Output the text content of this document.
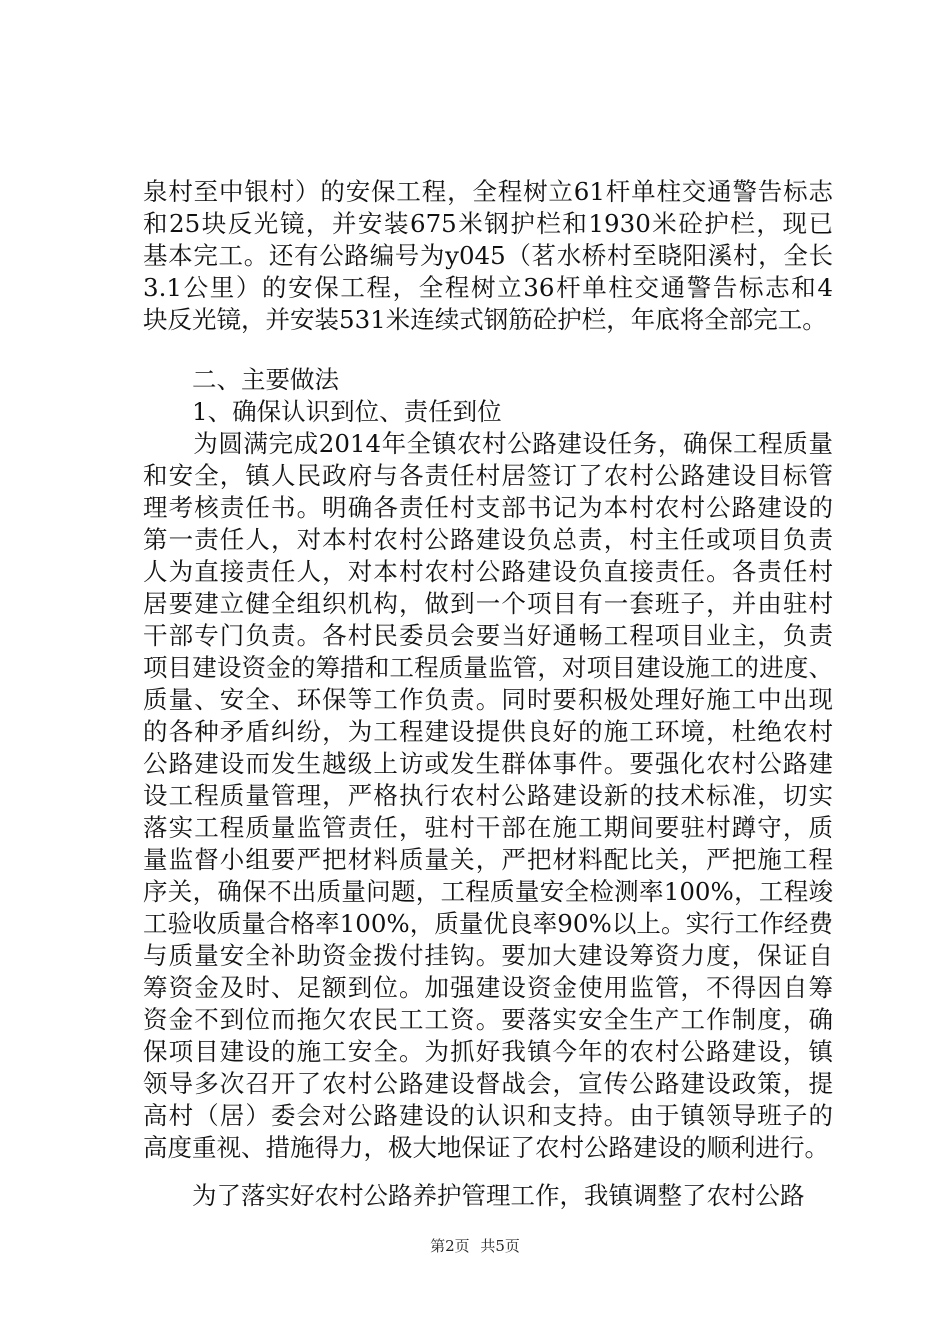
泉村至中银村）的安保工程，全程树立61杆单柱交通警告标志
和25块反光镜，并安装675米钢护栏和1930米砼护栏，现已
基本完工。还有公路编号为y045（茗水桥村至晓阳溪村，全长
3.1公里）的安保工程，全程树立36杆单柱交通警告标志和4
块反光镜，并安装531米连续式钢筋砼护栏，年底将全部完工。
　　二、主要做法
　　1、确保认识到位、责任到位
　　为圆满完成2014年全镇农村公路建设任务，确保工程质量
和安全，镇人民政府与各责任村居签订了农村公路建设目标管
理考核责任书。明确各责任村支部书记为本村农村公路建设的
第一责任人，对本村农村公路建设负总责，村主任或项目负责
人为直接责任人，对本村农村公路建设负直接责任。各责任村
居要建立健全组织机构，做到一个项目有一套班子，并由驻村
干部专门负责。各村民委员会要当好通畅工程项目业主，负责
项目建设资金的筹措和工程质量监管，对项目建设施工的进度、
质量、安全、环保等工作负责。同时要积极处理好施工中出现
的各种矛盾纠纷，为工程建设提供良好的施工环境，杜绝农村
公路建设而发生越级上访或发生群体事件。要强化农村公路建
设工程质量管理，严格执行农村公路建设新的技术标准，切实
落实工程质量监管责任，驻村干部在施工期间要驻村蹲守，质
量监督小组要严把材料质量关，严把材料配比关，严把施工程
序关，确保不出质量问题，工程质量安全检测率100%，工程竣
工验收质量合格率100%，质量优良率90%以上。实行工作经费
与质量安全补助资金拨付挂钩。要加大建设筹资力度，保证自
筹资金及时、足额到位。加强建设资金使用监管，不得因自筹
资金不到位而拖欠农民工工资。要落实安全生产工作制度，确
保项目建设的施工安全。为抓好我镇今年的农村公路建设，镇
领导多次召开了农村公路建设督战会，宣传公路建设政策，提
高村（居）委会对公路建设的认识和支持。由于镇领导班子的
高度重视、措施得力，极大地保证了农村公路建设的顺利进行。
　　为了落实好农村公路养护管理工作，我镇调整了农村公路
第2页 共5页
